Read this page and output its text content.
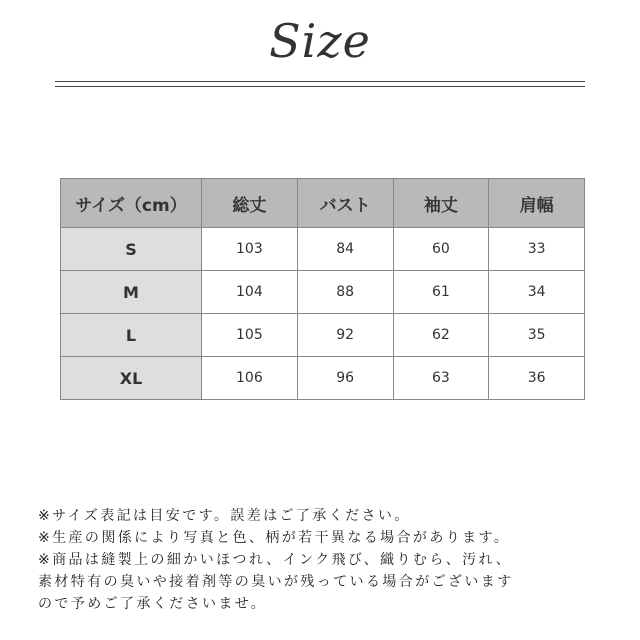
Size
サイズ（cm）	総丈	バスト	袖丈	肩幅
S	103	84	60	33
M	104	88	61	34
L	105	92	62	35
XL	106	96	63	36
※サイズ表記は目安です。誤差はご了承ください。
※生産の関係により写真と色、柄が若干異なる場合があります。
※商品は縫製上の細かいほつれ、インク飛び、織りむら、汚れ、
素材特有の臭いや接着剤等の臭いが残っている場合がございます
ので予めご了承くださいませ。
